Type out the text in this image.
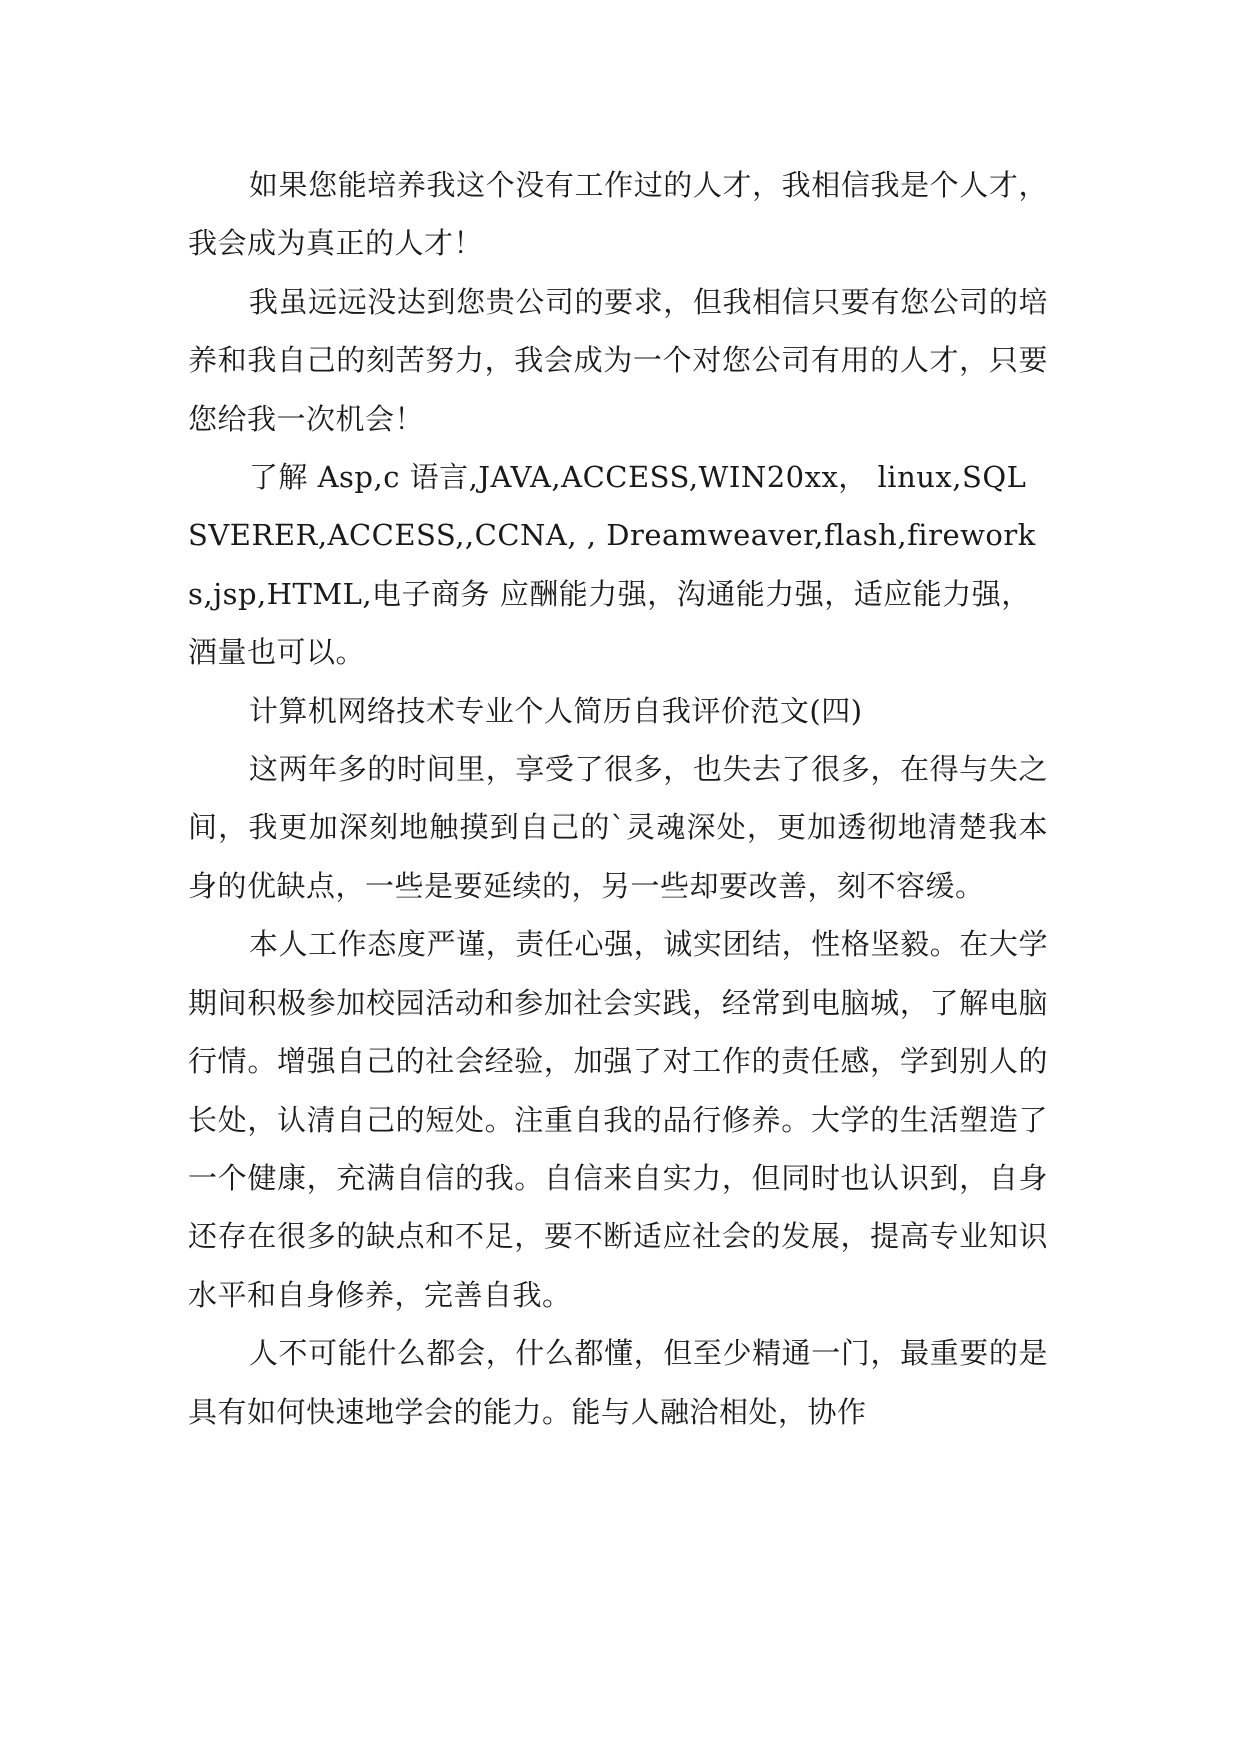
如果您能培养我这个没有工作过的人才，我相信我是个人才，我会成为真正的人才！

我虽远远没达到您贵公司的要求，但我相信只要有您公司的培养和我自己的刻苦努力，我会成为一个对您公司有用的人才，只要您给我一次机会！

了解 Asp,c 语言,JAVA,ACCESS,WIN20xx， linux,SQL SVERER,ACCESS,,CCNA, , Dreamweaver,flash,fireworks,jsp,HTML,电子商务 应酬能力强，沟通能力强，适应能力强，酒量也可以。

计算机网络技术专业个人简历自我评价范文(四)

这两年多的时间里，享受了很多，也失去了很多，在得与失之间，我更加深刻地触摸到自己的`灵魂深处，更加透彻地清楚我本身的优缺点，一些是要延续的，另一些却要改善，刻不容缓。

本人工作态度严谨，责任心强，诚实团结，性格坚毅。在大学期间积极参加校园活动和参加社会实践，经常到电脑城，了解电脑行情。增强自己的社会经验，加强了对工作的责任感，学到别人的长处，认清自己的短处。注重自我的品行修养。大学的生活塑造了一个健康，充满自信的我。自信来自实力，但同时也认识到，自身还存在很多的缺点和不足，要不断适应社会的发展，提高专业知识水平和自身修养，完善自我。

人不可能什么都会，什么都懂，但至少精通一门，最重要的是具有如何快速地学会的能力。能与人融洽相处，协作
